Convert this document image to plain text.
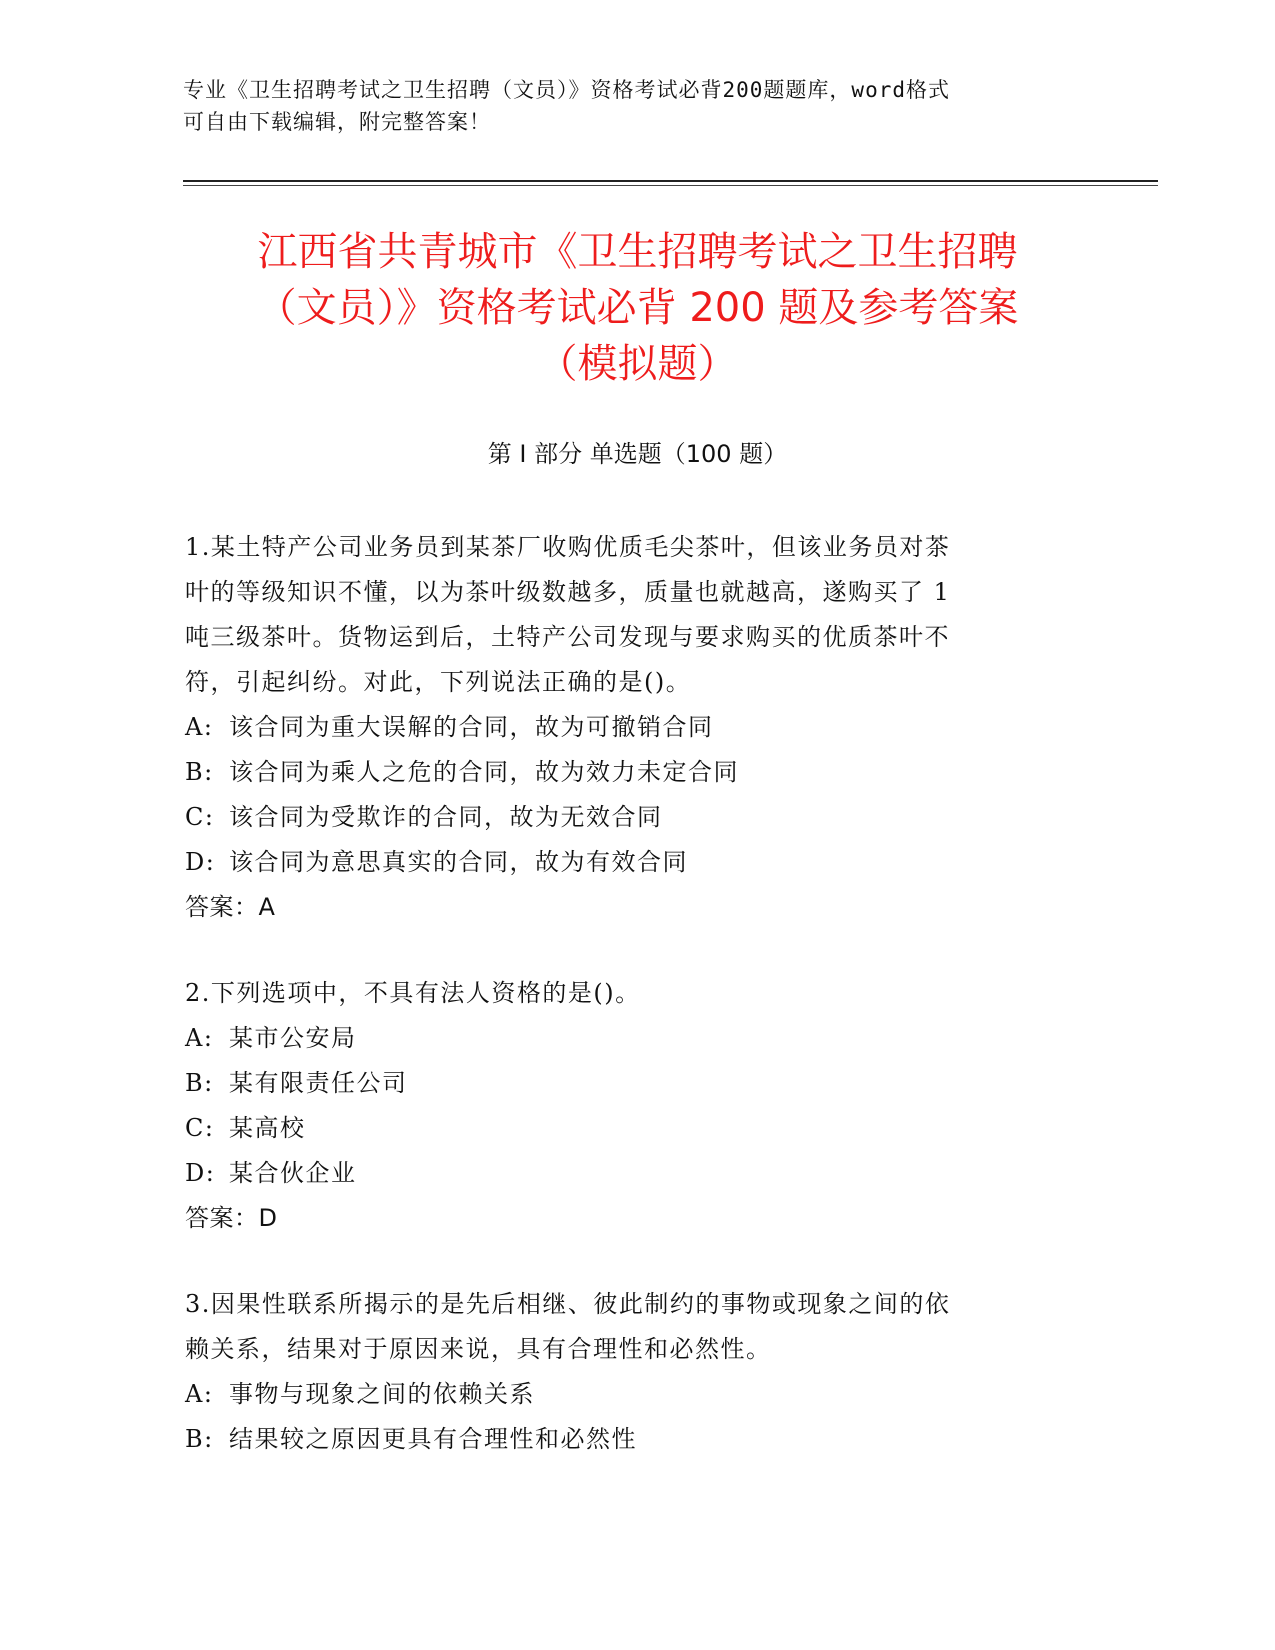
专业《卫生招聘考试之卫生招聘（文员）》资格考试必背200题题库，word格式
可自由下载编辑，附完整答案！
江西省共青城市《卫生招聘考试之卫生招聘
（文员）》资格考试必背 200 题及参考答案
（模拟题）
第 I 部分 单选题（100 题）

1.某土特产公司业务员到某茶厂收购优质毛尖茶叶，但该业务员对茶

叶的等级知识不懂，以为茶叶级数越多，质量也就越高，遂购买了 1

吨三级茶叶。货物运到后，土特产公司发现与要求购买的优质茶叶不

符，引起纠纷。对此，下列说法正确的是()。

A: 该合同为重大误解的合同，故为可撤销合同

B: 该合同为乘人之危的合同，故为效力未定合同

C: 该合同为受欺诈的合同，故为无效合同

D: 该合同为意思真实的合同，故为有效合同

答案：A

2.下列选项中，不具有法人资格的是()。

A: 某市公安局

B: 某有限责任公司

C: 某高校

D: 某合伙企业

答案：D

3.因果性联系所揭示的是先后相继、彼此制约的事物或现象之间的依

赖关系，结果对于原因来说，具有合理性和必然性。

A: 事物与现象之间的依赖关系

B: 结果较之原因更具有合理性和必然性
